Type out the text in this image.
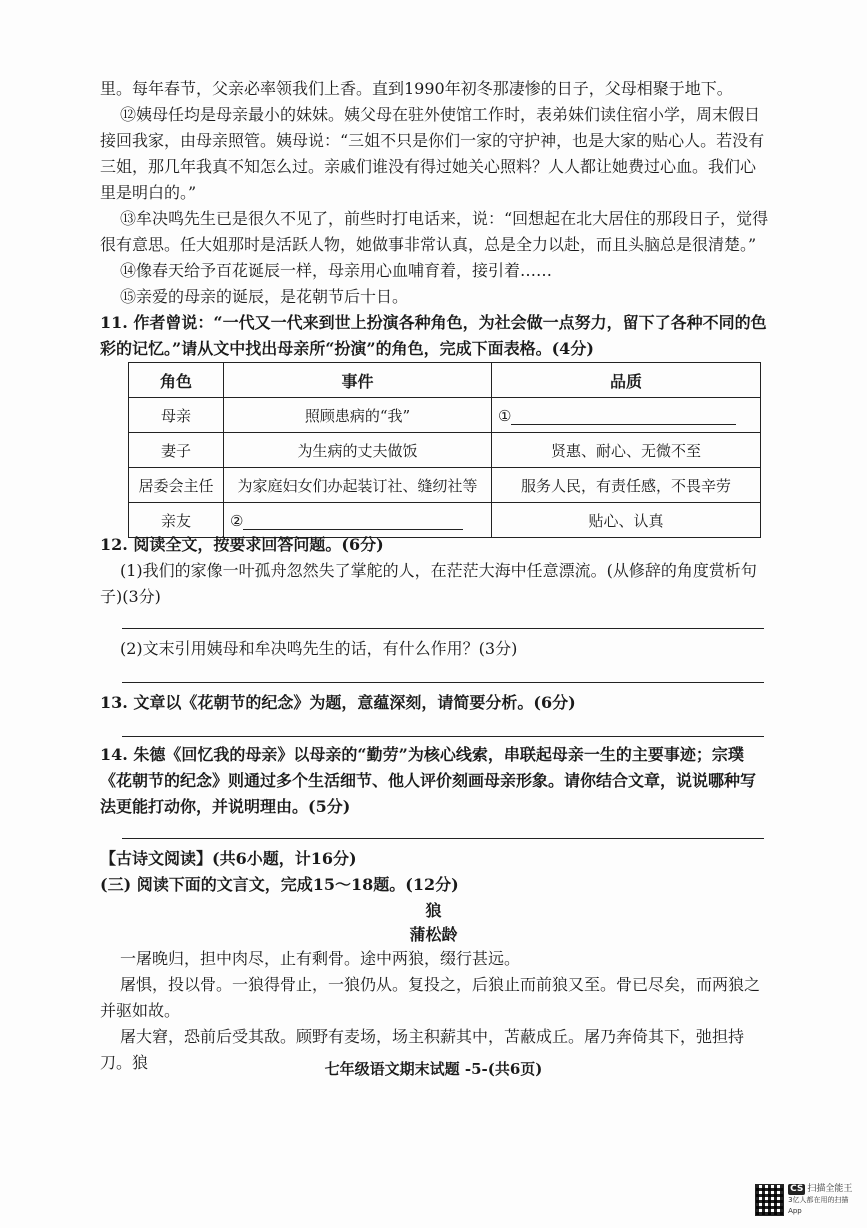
里。每年春节，父亲必率领我们上香。直到1990年初冬那凄惨的日子，父母相聚于地下。
⑫姨母任均是母亲最小的妹妹。姨父母在驻外使馆工作时，表弟妹们读住宿小学，周末假日接回我家，由母亲照管。姨母说：“三姐不只是你们一家的守护神，也是大家的贴心人。若没有三姐，那几年我真不知怎么过。亲戚们谁没有得过她关心照料？人人都让她费过心血。我们心里是明白的。”
⑬牟决鸣先生已是很久不见了，前些时打电话来，说：“回想起在北大居住的那段日子，觉得很有意思。任大姐那时是活跃人物，她做事非常认真，总是全力以赴，而且头脑总是很清楚。”
⑭像春天给予百花诞辰一样，母亲用心血哺育着，接引着……
⑮亲爱的母亲的诞辰，是花朝节后十日。
11. 作者曾说：“一代又一代来到世上扮演各种角色，为社会做一点努力，留下了各种不同的色彩的记忆。”请从文中找出母亲所“扮演”的角色，完成下面表格。(4分)
角色	事件	品质
母亲	照顾患病的“我”	①
妻子	为生病的丈夫做饭	贤惠、耐心、无微不至
居委会主任	为家庭妇女们办起装订社、缝纫社等	服务人民，有责任感，不畏辛劳
亲友	②	贴心、认真
12. 阅读全文，按要求回答问题。(6分)
(1)我们的家像一叶孤舟忽然失了掌舵的人，在茫茫大海中任意漂流。(从修辞的角度赏析句子)(3分)
(2)文末引用姨母和牟决鸣先生的话，有什么作用？(3分)
13. 文章以《花朝节的纪念》为题，意蕴深刻，请简要分析。(6分)
14. 朱德《回忆我的母亲》以母亲的“勤劳”为核心线索，串联起母亲一生的主要事迹；宗璞《花朝节的纪念》则通过多个生活细节、他人评价刻画母亲形象。请你结合文章，说说哪种写法更能打动你，并说明理由。(5分)
【古诗文阅读】(共6小题，计16分)
(三) 阅读下面的文言文，完成15～18题。(12分)
狼
蒲松龄
一屠晚归，担中肉尽，止有剩骨。途中两狼，缀行甚远。
屠惧，投以骨。一狼得骨止，一狼仍从。复投之，后狼止而前狼又至。骨已尽矣，而两狼之并驱如故。
屠大窘，恐前后受其敌。顾野有麦场，场主积薪其中，苫蔽成丘。屠乃奔倚其下，弛担持刀。狼	七年级语文期末试题 -5-(共6页)
CS 扫描全能王
3亿人都在用的扫描App
